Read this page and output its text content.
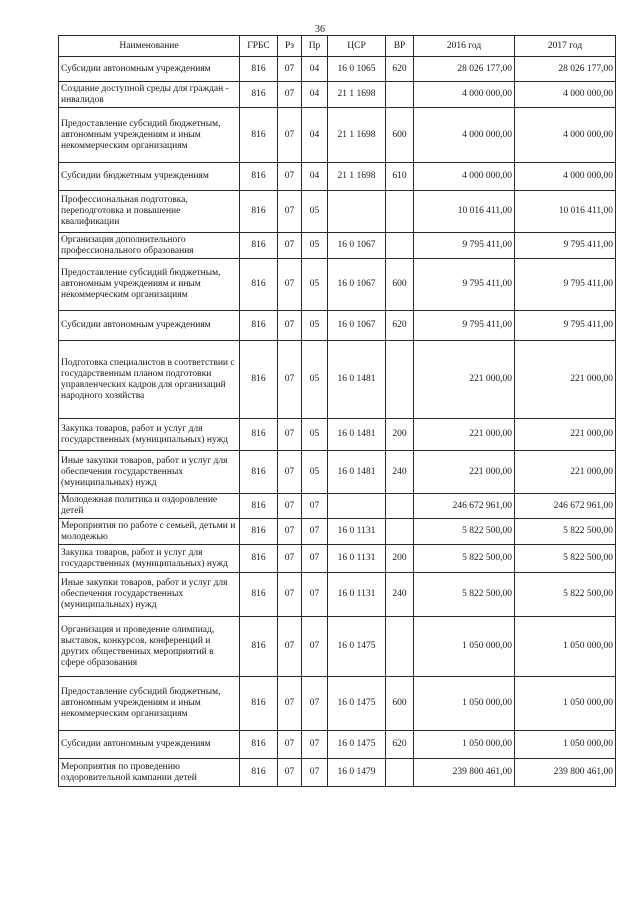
36
Наименование	ГРБС	Рз	Пр	ЦСР	ВР	2016 год	2017 год
Субсидии автономным учреждениям	816	07	04	16 0 1065	620	28 026 177,00	28 026 177,00
Создание доступной среды для граждан - инвалидов	816	07	04	21 1 1698		4 000 000,00	4 000 000,00
Предоставление субсидий бюджетным, автономным учреждениям и иным некоммерческим организациям	816	07	04	21 1 1698	600	4 000 000,00	4 000 000,00
Субсидии бюджетным учреждениям	816	07	04	21 1 1698	610	4 000 000,00	4 000 000,00
Профессиональная подготовка, переподготовка и повышение квалификации	816	07	05			10 016 411,00	10 016 411,00
Организация дополнительного профессионального образования	816	07	05	16 0 1067		9 795 411,00	9 795 411,00
Предоставление субсидий бюджетным, автономным учреждениям и иным некоммерческим организациям	816	07	05	16 0 1067	600	9 795 411,00	9 795 411,00
Субсидии автономным учреждениям	816	07	05	16 0 1067	620	9 795 411,00	9 795 411,00
Подготовка специалистов в соответствии с государственным планом подготовки управленческих кадров для организаций народного хозяйства	816	07	05	16 0 1481		221 000,00	221 000,00
Закупка товаров, работ и услуг для государственных (муниципальных) нужд	816	07	05	16 0 1481	200	221 000,00	221 000,00
Иные закупки товаров, работ и услуг для обеспечения государственных (муниципальных) нужд	816	07	05	16 0 1481	240	221 000,00	221 000,00
Молодежная политика и оздоровление детей	816	07	07			246 672 961,00	246 672 961,00
Мероприятия по работе с семьей, детьми и молодежью	816	07	07	16 0 1131		5 822 500,00	5 822 500,00
Закупка товаров, работ и услуг для государственных (муниципальных) нужд	816	07	07	16 0 1131	200	5 822 500,00	5 822 500,00
Иные закупки товаров, работ и услуг для обеспечения государственных (муниципальных) нужд	816	07	07	16 0 1131	240	5 822 500,00	5 822 500,00
Организация и проведение олимпиад, выставок, конкурсов, конференций и других общественных мероприятий в сфере образования	816	07	07	16 0 1475		1 050 000,00	1 050 000,00
Предоставление субсидий бюджетным, автономным учреждениям и иным некоммерческим организациям	816	07	07	16 0 1475	600	1 050 000,00	1 050 000,00
Субсидии автономным учреждениям	816	07	07	16 0 1475	620	1 050 000,00	1 050 000,00
Мероприятия по проведению оздоровительной кампании детей	816	07	07	16 0 1479		239 800 461,00	239 800 461,00
